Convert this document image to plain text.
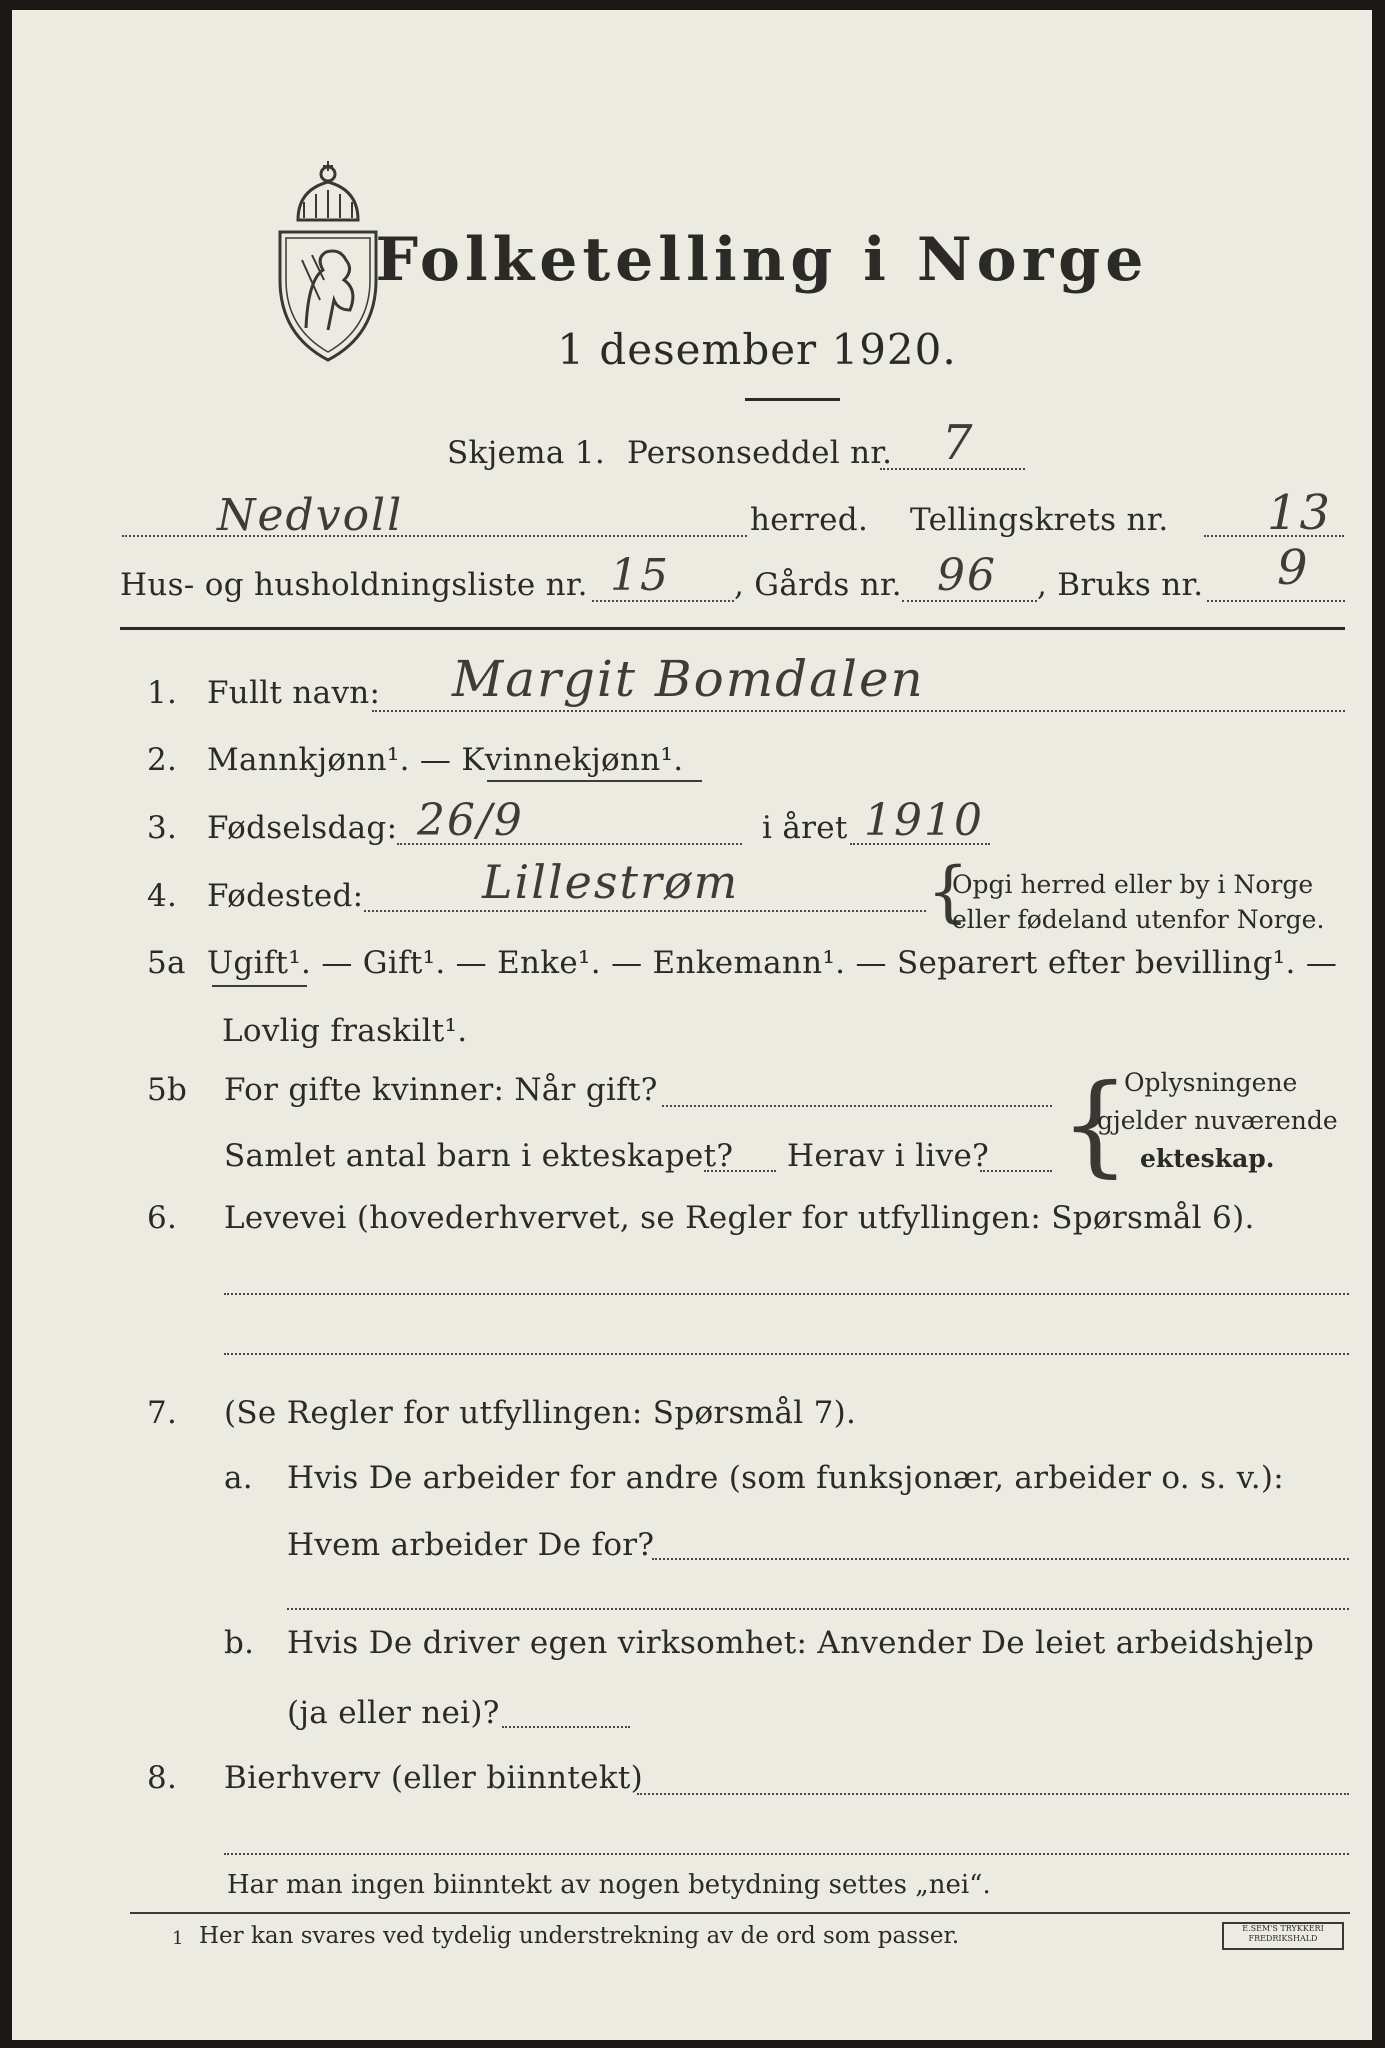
Folketelling i Norge
1 desember 1920.
Skjema 1. Personseddel nr. 7
Nedvoll	herred. Tellingskrets nr. 13
Hus- og husholdningsliste nr. 15 , Gårds nr. 96 , Bruks nr. 9
1. Fullt navn: Margit Bomdalen
2. Mannkjønn¹. — Kvinnekjønn¹.
3. Fødselsdag: 26/9	i året 1910
4. Fødested:	Lillestrøm	{
Opgi herred eller by i Norge
eller fødeland utenfor Norge.
5a Ugift¹. — Gift¹. — Enke¹. — Enkemann¹. — Separert efter bevilling¹. —
Lovlig fraskilt¹.
5b For gifte kvinner: Når gift?
Samlet antal barn i ekteskapet? Herav i live? {
Oplysningene
gjelder nuværende
ekteskap.
6. Levevei (hovederhvervet, se Regler for utfyllingen: Spørsmål 6).
7. (Se Regler for utfyllingen: Spørsmål 7).
a. Hvis De arbeider for andre (som funksjonær, arbeider o. s. v.):
Hvem arbeider De for?
b. Hvis De driver egen virksomhet: Anvender De leiet arbeidshjelp
(ja eller nei)?
8. Bierhverv (eller biinntekt)
Har man ingen biinntekt av nogen betydning settes „nei“.
1 Her kan svares ved tydelig understrekning av de ord som passer.	E.SEM'S TRYKKERI FREDRIKSHALD
